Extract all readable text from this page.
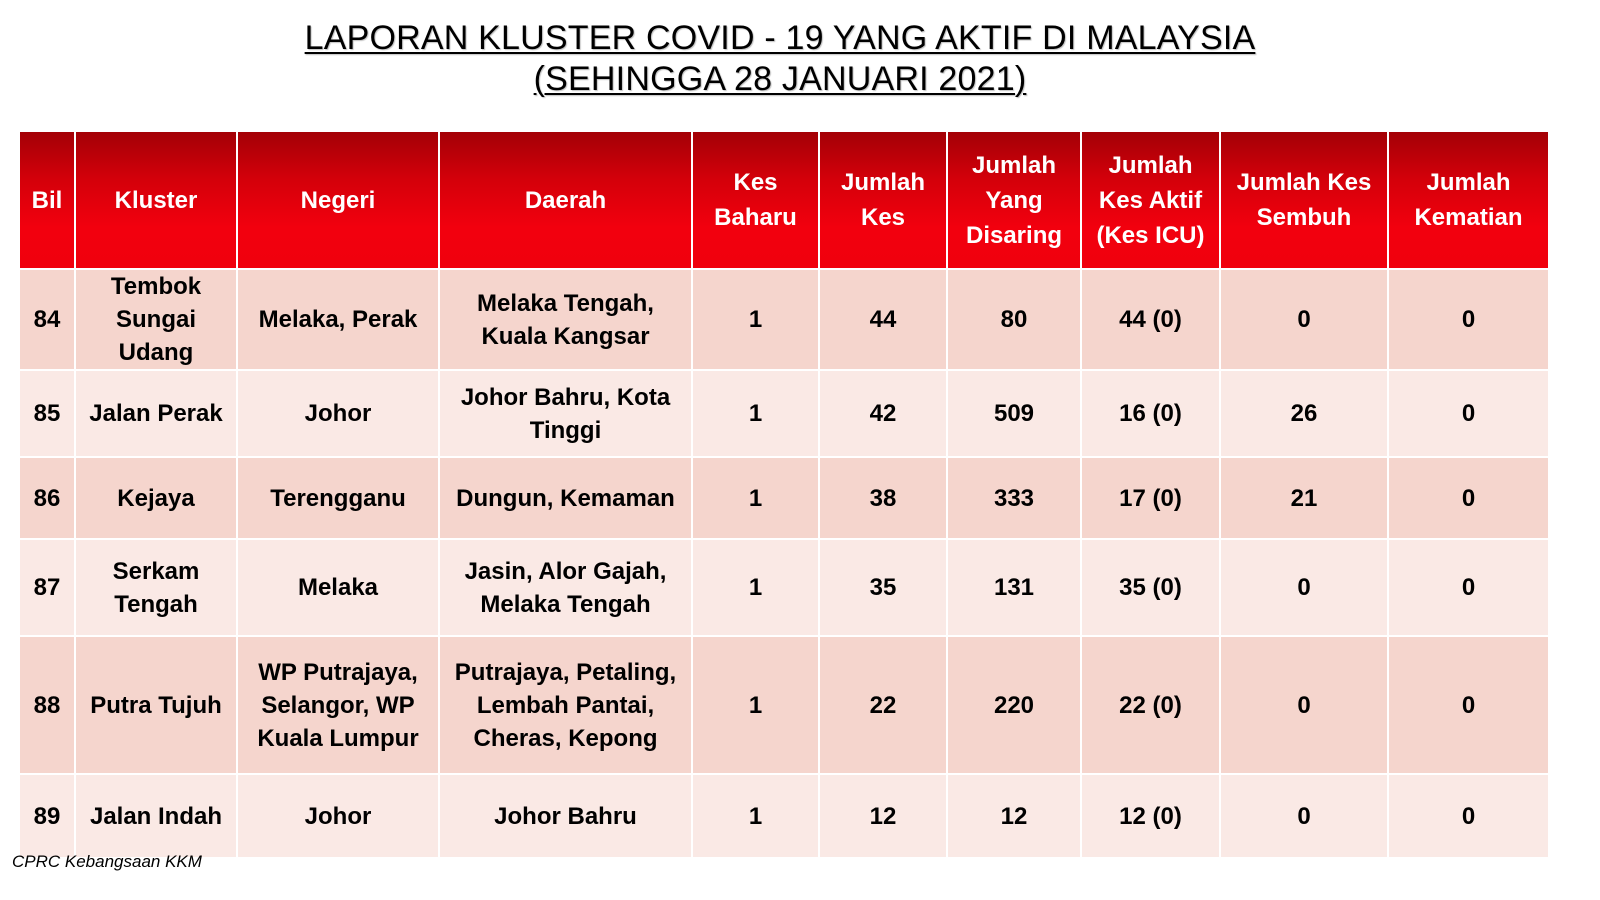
LAPORAN KLUSTER COVID - 19 YANG AKTIF DI MALAYSIA
(SEHINGGA 28 JANUARI 2021)
Bil	Kluster	Negeri	Daerah	Kes Baharu	Jumlah Kes	Jumlah Yang Disaring	Jumlah Kes Aktif (Kes ICU)	Jumlah Kes Sembuh	Jumlah Kematian
84	Tembok Sungai Udang	Melaka, Perak	Melaka Tengah, Kuala Kangsar	1	44	80	44 (0)	0	0
85	Jalan Perak	Johor	Johor Bahru, Kota Tinggi	1	42	509	16 (0)	26	0
86	Kejaya	Terengganu	Dungun, Kemaman	1	38	333	17 (0)	21	0
87	Serkam Tengah	Melaka	Jasin, Alor Gajah, Melaka Tengah	1	35	131	35 (0)	0	0
88	Putra Tujuh	WP Putrajaya, Selangor, WP Kuala Lumpur	Putrajaya, Petaling, Lembah Pantai, Cheras, Kepong	1	22	220	22 (0)	0	0
89	Jalan Indah	Johor	Johor Bahru	1	12	12	12 (0)	0	0
CPRC Kebangsaan KKM
